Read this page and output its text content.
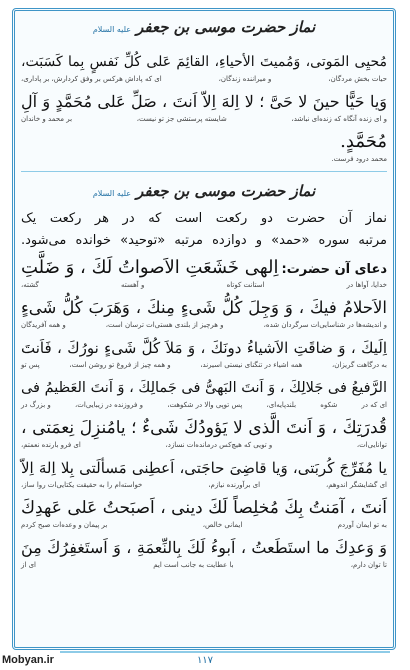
نماز حضرت موسى بن جعفر عليه السلام
مُحيِی المَوتی، وَمُمیتَ الأحیاءِ، القائِمَ عَلی کُلِّ نَفسٍ بِما کَسَبَت،
حیات بخش مردگان،
و میراننده زندگان،
ای که پاداش هرکس بر وفق کردارش، بر پاداری،
وَیا حَیًّا حینَ لا حَیَّ ؛ لا اِلهَ اِلاّ اَنتَ ، صَلِّ عَلی مُحَمَّدٍ وَ آلِ
و ای زنده آنگاه که زنده‌ای نباشد،
شایسته پرستشی جز تو نیست،
بر محمد و خاندان
مُحَمَّدٍ.
محمد درود فرست.
نماز حضرت موسى بن جعفر عليه السلام
نماز آن حضرت دو رکعت است که در هر رکعت یک
مرتبه سوره «حمد» و دوازده مرتبه «توحید» خوانده می‌شود.
دعای آن حضرت:
اِلهی خَشَعَتِ الاَصواتُ لَكَ ، وَ ضَلَّتِ
خدایا، آواها در
استانت کوتاه
و آهسته
گشته،
الاَحلامُ فیكَ ، وَ وَجِلَ کُلُّ شَیءٍ مِنكَ ، وَهَرَبَ کُلُّ شَیءٍ
و اندیشه‌ها در شناسایی‌ات سرگردان شده،
و هرچیز از بلندی هستی‌ات ترسان است،
و همه آفریدگان
اِلَیكَ ، وَ ضاقَتِ الاَشیاءُ دونَكَ ، وَ مَلاَ کُلَّ شَیءٍ نورُكَ ، فَاَنتَ
به درگاهت گریزان،
همه اشیاء در تنگنای نیستی اسیرند،
و همه چیز از فروغ تو روشن است،
پس تو
الرَّفیعُ فی جَلالِكَ ، وَ اَنتَ البَهیُّ فی جَمالِكَ ، وَ اَنتَ العَظیمُ فی
ای که در
شکوه
بلندپایه‌ای،
پس توپی والا در شکوهت،
و فروزنده در زیبایی‌ات،
و بزرگ در
قُدرَتِكَ ، وَ اَنتَ الَّذی لا یَؤودُكَ شَیءٌ ؛ یامُنزِلَ نِعمَتی ،
توانایی‌ات،
و تویی که هیچ‌کس درمانده‌ات نسازد،
ای فرو بارنده نعمتم،
یا مُفَرِّجَ کُربَتی، وَیا قاضِیَ حاجَتی، اَعطِنی مَسألَتی بِلا اِلهَ اِلاّ
ای گشایشگر اندوهم،
ای برآورنده نیازم،
خواسته‌ام را به حقیقت یکتایی‌ات روا ساز،
اَنتَ ، آمَنتُ بِكَ مُخلِصاً لَكَ دینی ، اَصبَحتُ عَلی عَهدِكَ
به تو ایمان آوردم
ایمانی خالص،
بر پیمان و وعده‌ات صبح کردم
وَ وَعدِكَ ما استَطَعتُ ، اَبوءُ لَكَ بِالنِّعمَةِ ، وَ اَستَغفِرُكَ مِنَ
تا توان دارم،
با عطایت به جانب است ایم
ای از
Mobyan.ir	۱۱۷
